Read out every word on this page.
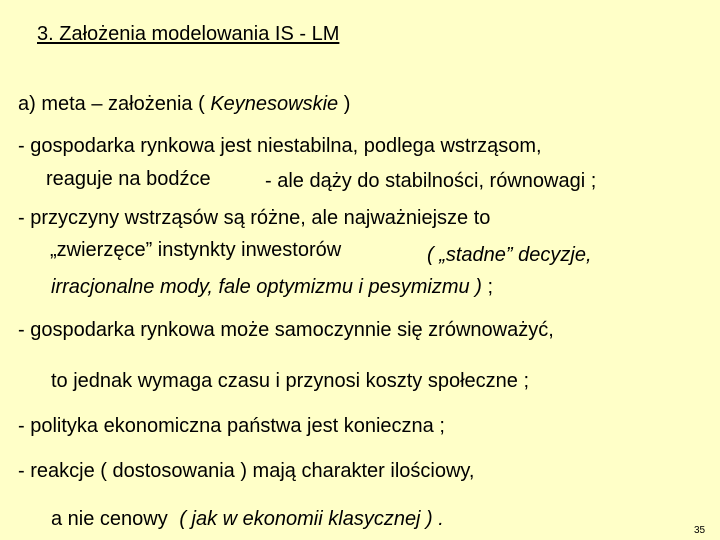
3. Założenia modelowania IS - LM
a) meta – założenia ( Keynesowskie )
- gospodarka rynkowa jest niestabilna, podlega wstrząsom,
reaguje na bodźce	- ale dąży do stabilności, równowagi ;
- przyczyny wstrząsów są różne, ale najważniejsze to
„zwierzęce” instynkty inwestorów	( „stadne” decyzje,
irracjonalne mody, fale optymizmu i pesymizmu ) ;
- gospodarka rynkowa może samoczynnie się zrównoważyć,
to jednak wymaga czasu i przynosi koszty społeczne ;
- polityka ekonomiczna państwa jest konieczna ;
- reakcje ( dostosowania ) mają charakter ilościowy,
a nie cenowy ( jak w ekonomii klasycznej ) .
35
